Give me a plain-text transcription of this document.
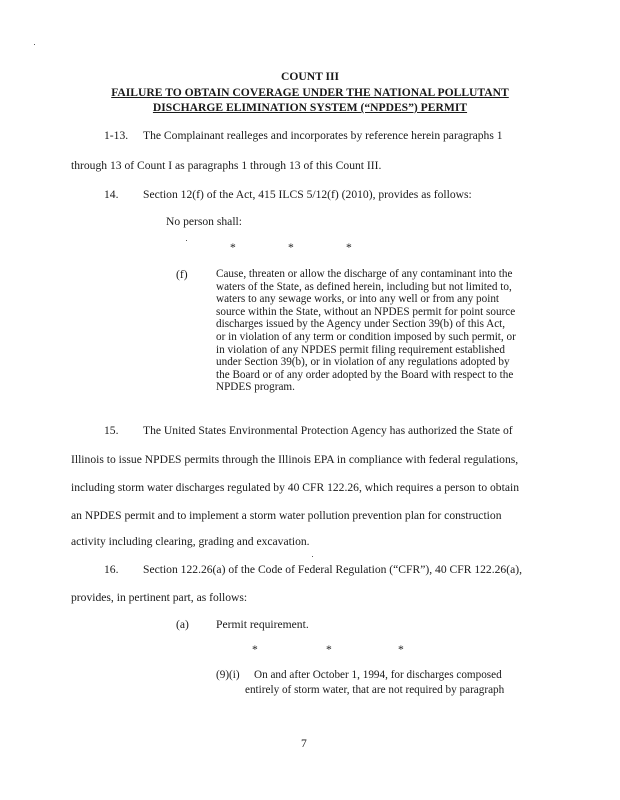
COUNT III
FAILURE TO OBTAIN COVERAGE UNDER THE NATIONAL POLLUTANT
DISCHARGE ELIMINATION SYSTEM (“NPDES”) PERMIT
1-13. The Complainant realleges and incorporates by reference herein paragraphs 1
through 13 of Count I as paragraphs 1 through 13 of this Count III.
14. Section 12(f) of the Act, 415 ILCS 5/12(f) (2010), provides as follows:
No person shall:
*	*	*
(f)	Cause, threaten or allow the discharge of any contaminant into the
waters of the State, as defined herein, including but not limited to,
waters to any sewage works, or into any well or from any point
source within the State, without an NPDES permit for point source
discharges issued by the Agency under Section 39(b) of this Act,
or in violation of any term or condition imposed by such permit, or
in violation of any NPDES permit filing requirement established
under Section 39(b), or in violation of any regulations adopted by
the Board or of any order adopted by the Board with respect to the
NPDES program.
15. The United States Environmental Protection Agency has authorized the State of
Illinois to issue NPDES permits through the Illinois EPA in compliance with federal regulations,
including storm water discharges regulated by 40 CFR 122.26, which requires a person to obtain
an NPDES permit and to implement a storm water pollution prevention plan for construction
activity including clearing, grading and excavation.
16. Section 122.26(a) of the Code of Federal Regulation (“CFR”), 40 CFR 122.26(a),
provides, in pertinent part, as follows:
(a) Permit requirement.
*	*	*
(9)(i) On and after October 1, 1994, for discharges composed
entirely of storm water, that are not required by paragraph
7
